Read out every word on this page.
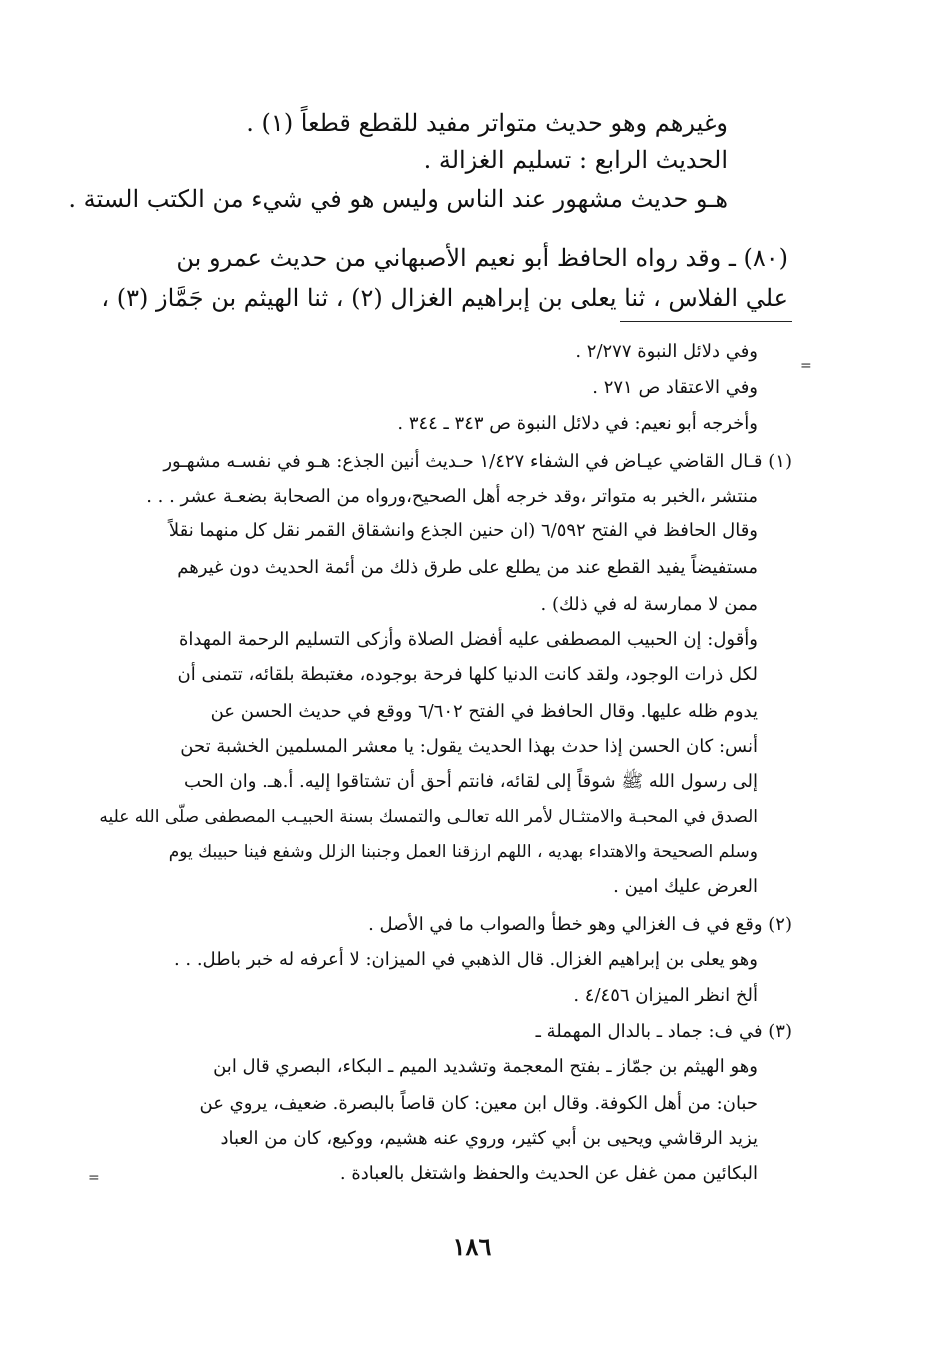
وغيرهم وهو حديث متواتر مفيد للقطع قطعاً (١) .
الحديث الرابع : تسليم الغزالة .
هـو حديث مشهور عند الناس وليس هو في شيء من الكتب الستة .
(٨٠) ـ وقد رواه الحافظ أبو نعيم الأصبهاني من حديث عمرو بن
علي الفلاس ، ثنا يعلى بن إبراهيم الغزال (٢) ، ثنا الهيثم بن جَمَّاز (٣) ،
وفي دلائل النبوة ٢/٢٧٧ .
=
وفي الاعتقاد ص ٢٧١ .
وأخرجه أبو نعيم: في دلائل النبوة ص ٣٤٣ ـ ٣٤٤ .
(١) قـال القاضي عيـاض في الشفاء ١/٤٢٧ حـديث أنين الجذع: هـو في نفسـه مشهـور
منتشر ،الخبر به متواتر ،وقد خرجه أهل الصحيح،ورواه من الصحابة بضعـة عشر . . .
وقال الحافظ في الفتح ٦/٥٩٢ (ان حنين الجذع وانشقاق القمر نقل كل منهما نقلاً
مستفيضاً يفيد القطع عند من يطلع على طرق ذلك من أئمة الحديث دون غيرهم
ممن لا ممارسة له في ذلك) .
وأقول: إن الحبيب المصطفى عليه أفضل الصلاة وأزكى التسليم الرحمة المهداة
لكل ذرات الوجود، ولقد كانت الدنيا كلها فرحة بوجوده، مغتبطة بلقائه، تتمنى أن
يدوم ظله عليها. وقال الحافظ في الفتح ٦/٦٠٢ ووقع في حديث الحسن عن
أنس: كان الحسن إذا حدث بهذا الحديث يقول: يا معشر المسلمين الخشبة تحن
إلى رسول الله ﷺ شوقاً إلى لقائه، فانتم أحق أن تشتاقوا إليه. أ.هـ. وان الحب
الصدق في المحبـة والامتثـال لأمر الله تعالـى والتمسك بسنة الحبيـب المصطفى صلّى الله عليه
وسلم الصحيحة والاهتداء بهديه ، اللهم ارزقنا العمل وجنبنا الزلل وشفع فينا حبيبك يوم
العرض عليك امين .
(٢) وقع في ف الغزالي وهو خطأ والصواب ما في الأصل .
وهو يعلى بن إبراهيم الغزال. قال الذهبي في الميزان: لا أعرفه له خبر باطل. . .
ألخ انظر الميزان ٤/٤٥٦ .
(٣) في ف: جماد ـ بالدال المهملة ـ
وهو الهيثم بن جمّاز ـ بفتح المعجمة وتشديد الميم ـ البكاء، البصري قال ابن
حبان: من أهل الكوفة. وقال ابن معين: كان قاصاً بالبصرة. ضعيف، يروي عن
يزيد الرقاشي ويحيى بن أبي كثير، وروي عنه هشيم، ووكيع، كان من العباد
البكائين ممن غفل عن الحديث والحفظ واشتغل بالعبادة .
=
١٨٦
